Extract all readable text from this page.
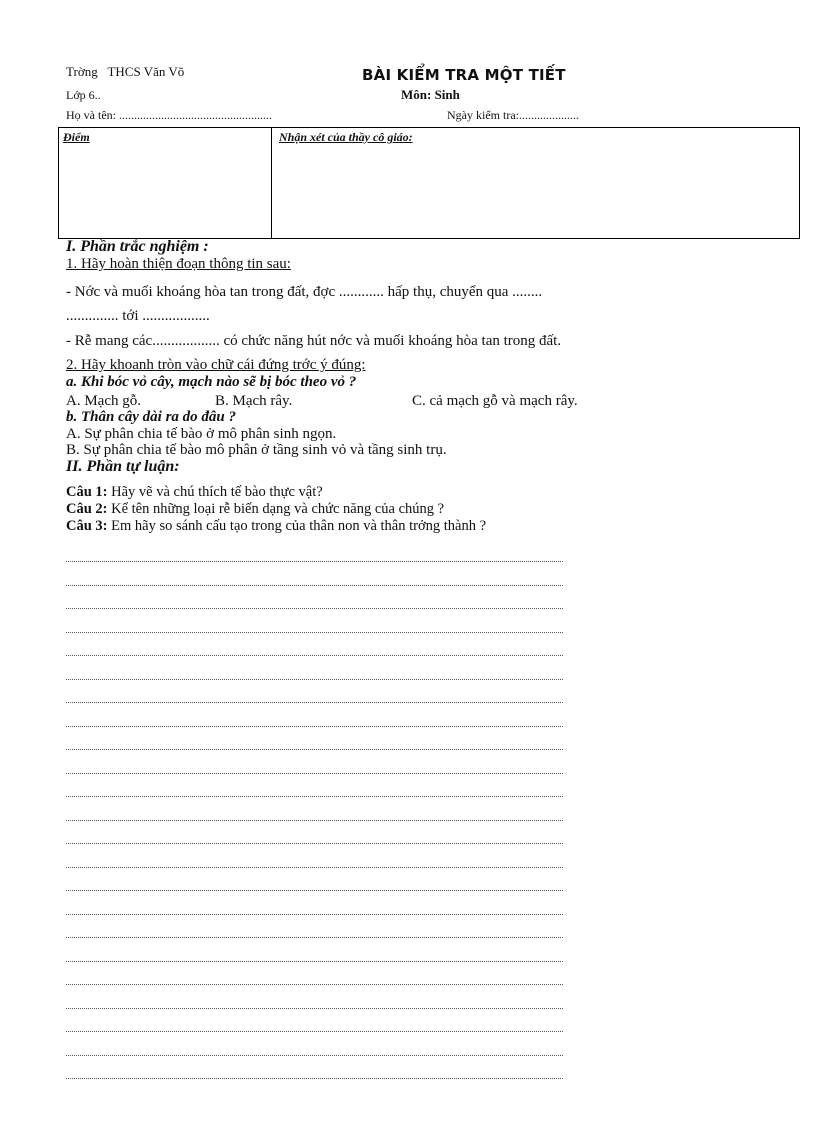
Trờng THCS Văn Võ	BÀI KIỂM TRA MỘT TIẾT
Lớp 6..	Môn: Sinh
Họ và tên: ...................................................	Ngày kiểm tra:....................
Điểm	Nhận xét của thầy cô giáo:
I. Phần trắc nghiệm :
1. Hãy hoàn thiện đoạn thông tin sau:
- Nớc và muối khoáng hòa tan trong đất, đợc ............ hấp thụ, chuyển qua ........
.............. tới ..................
- Rễ mang các.................. có chức năng hút nớc và muối khoáng hòa tan trong đất.
2. Hãy khoanh tròn vào chữ cái đứng trớc ý đúng:
a. Khi bóc vỏ cây, mạch nào sẽ bị bóc theo vỏ ?
A. Mạch gỗ.	B. Mạch rây.	C. cả mạch gỗ và mạch rây.
b. Thân cây dài ra do đâu ?
A. Sự phân chia tế bào ở mô phân sinh ngọn.
B. Sự phân chia tế bào mô phân ở tầng sinh vỏ và tầng sinh trụ.
II. Phần tự luận:
Câu 1: Hãy vẽ và chú thích tế bào thực vật?
Câu 2: Kể tên những loại rễ biến dạng và chức năng của chúng ?
Câu 3: Em hãy so sánh cấu tạo trong của thân non và thân trởng thành ?
